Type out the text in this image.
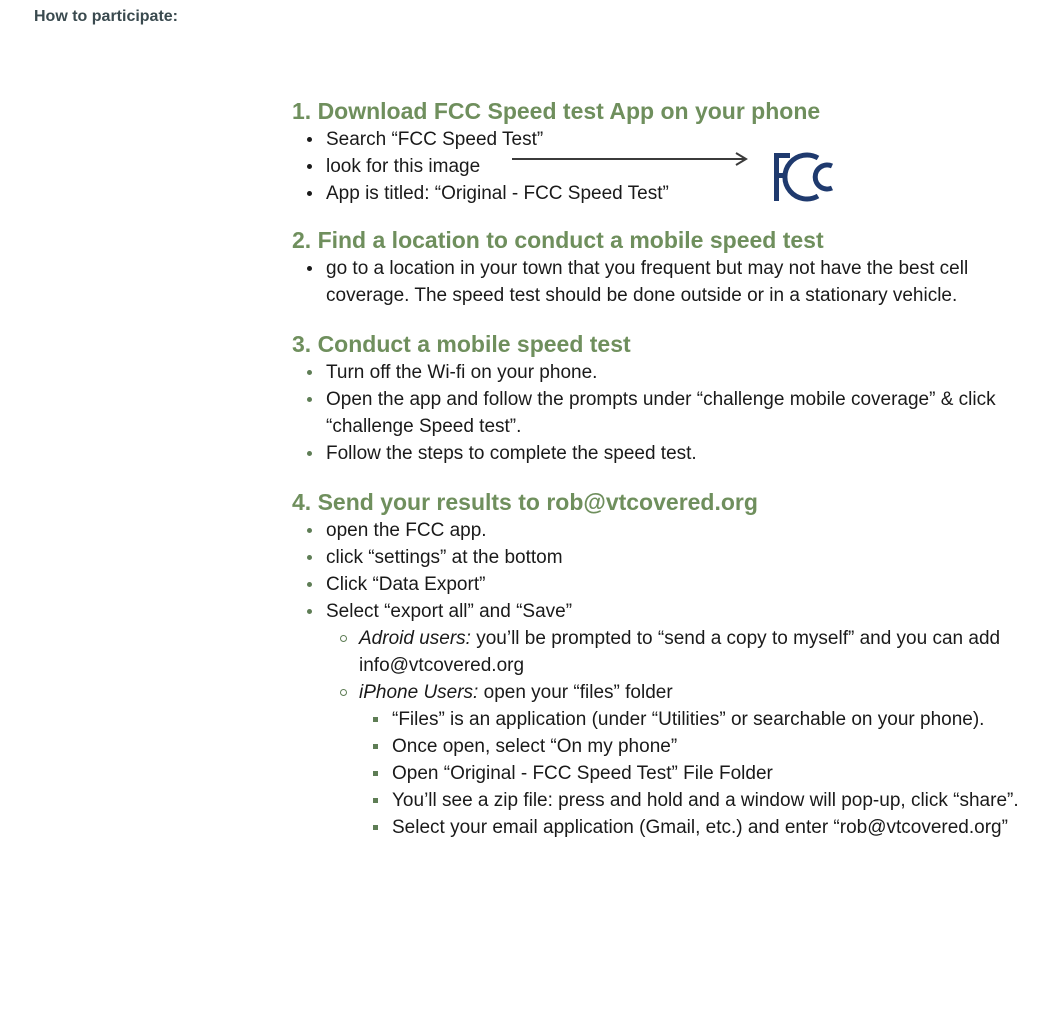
How to participate:
1. Download FCC Speed test App on your phone
Search “FCC Speed Test”
look for this image
App is titled: “Original - FCC Speed Test”
2. Find a location to conduct a mobile speed test
go to a location in your town that you frequent but may not have the best cell coverage. The speed test should be done outside or in a stationary vehicle.
3. Conduct a mobile speed test
Turn off the Wi-fi on your phone.
Open the app and follow the prompts under “challenge mobile coverage” & click “challenge Speed test”.
Follow the steps to complete the speed test.
4. Send your results to rob@vtcovered.org
open the FCC app.
click “settings” at the bottom
Click “Data Export”
Select “export all” and “Save”
Adroid users: you’ll be prompted to “send a copy to myself” and you can add info@vtcovered.org
iPhone Users: open your “files” folder
“Files” is an application (under “Utilities” or searchable on your phone).
Once open, select “On my phone”
Open “Original - FCC Speed Test” File Folder
You’ll see a zip file: press and hold and a window will pop-up, click “share”.
Select your email application (Gmail, etc.) and enter “rob@vtcovered.org”
